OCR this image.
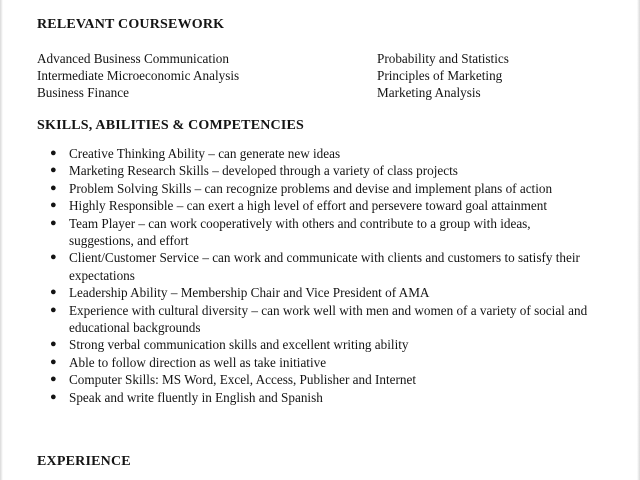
RELEVANT COURSEWORK
Advanced Business Communication
Intermediate Microeconomic Analysis
Business Finance
Probability and Statistics
Principles of Marketing
Marketing Analysis
SKILLS, ABILITIES & COMPETENCIES
● Creative Thinking Ability – can generate new ideas
● Marketing Research Skills – developed through a variety of class projects
● Problem Solving Skills – can recognize problems and devise and implement plans of action
● Highly Responsible – can exert a high level of effort and persevere toward goal attainment
● Team Player – can work cooperatively with others and contribute to a group with ideas, suggestions, and effort
● Client/Customer Service – can work and communicate with clients and customers to satisfy their expectations
● Leadership Ability – Membership Chair and Vice President of AMA
● Experience with cultural diversity – can work well with men and women of a variety of social and educational backgrounds
● Strong verbal communication skills and excellent writing ability
● Able to follow direction as well as take initiative
● Computer Skills: MS Word, Excel, Access, Publisher and Internet
● Speak and write fluently in English and Spanish
EXPERIENCE
